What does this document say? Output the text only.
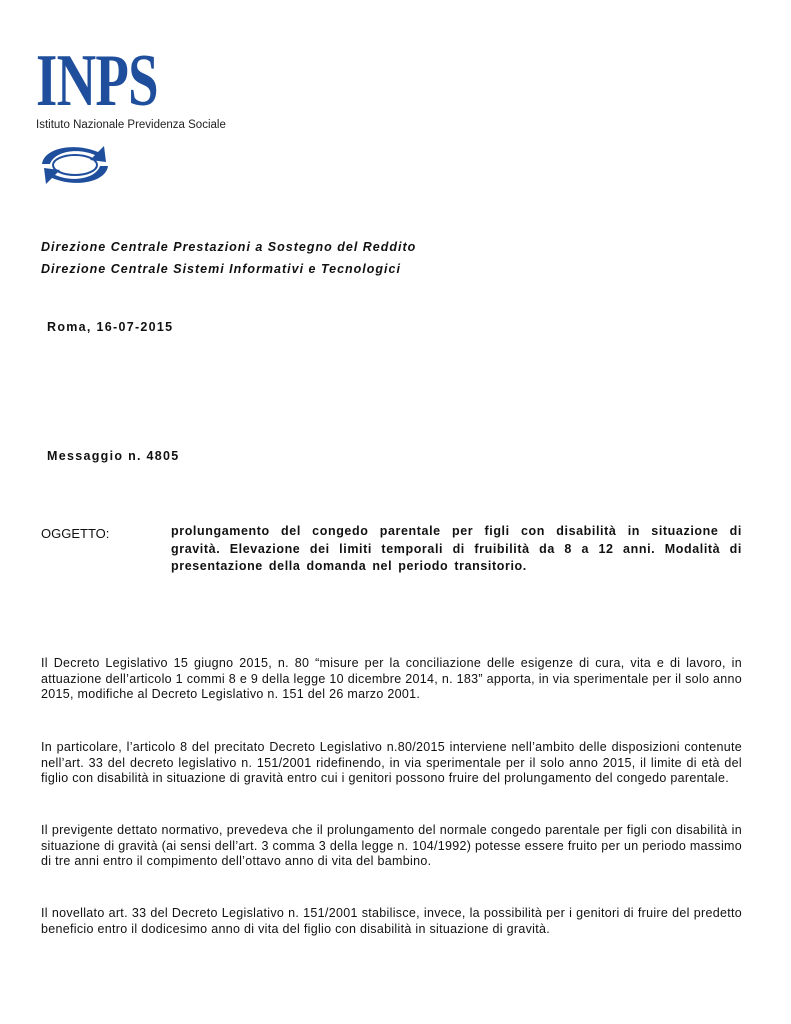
INPS
Istituto Nazionale Previdenza Sociale
Direzione Centrale Prestazioni a Sostegno del Reddito
Direzione Centrale Sistemi Informativi e Tecnologici
Roma, 16-07-2015
Messaggio n. 4805
OGGETTO:	prolungamento del congedo parentale per figli con disabilità in situazione di gravità. Elevazione dei limiti temporali di fruibilità da 8 a 12 anni. Modalità di presentazione della domanda nel periodo transitorio.

Il Decreto Legislativo 15 giugno 2015, n. 80 “misure per la conciliazione delle esigenze di cura, vita e di lavoro, in attuazione dell’articolo 1 commi 8 e 9 della legge 10 dicembre 2014, n. 183” apporta, in via sperimentale per il solo anno 2015, modifiche al Decreto Legislativo n. 151 del 26 marzo 2001.

In particolare, l’articolo 8 del precitato Decreto Legislativo n.80/2015 interviene nell’ambito delle disposizioni contenute nell’art. 33 del decreto legislativo n. 151/2001 ridefinendo, in via sperimentale per il solo anno 2015, il limite di età del figlio con disabilità in situazione di gravità entro cui i genitori possono fruire del prolungamento del congedo parentale.

Il previgente dettato normativo, prevedeva che il prolungamento del normale congedo parentale per figli con disabilità in situazione di gravità (ai sensi dell’art. 3 comma 3 della legge n. 104/1992) potesse essere fruito per un periodo massimo di tre anni entro il compimento dell’ottavo anno di vita del bambino.

Il novellato art. 33 del Decreto Legislativo n. 151/2001 stabilisce, invece, la possibilità per i genitori di fruire del predetto beneficio entro il dodicesimo anno di vita del figlio con disabilità in situazione di gravità.
